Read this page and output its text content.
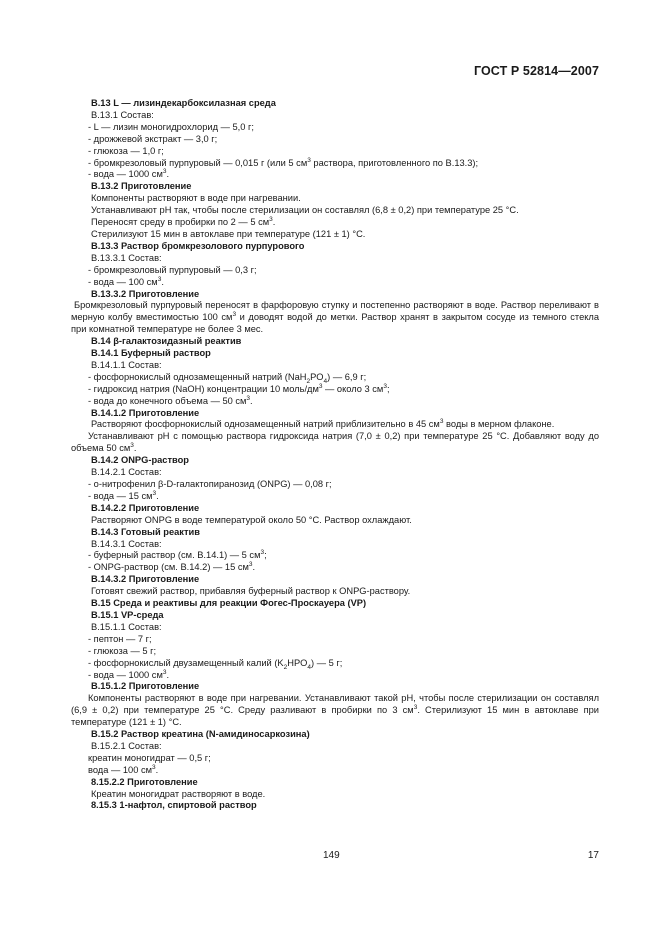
ГОСТ Р 52814—2007

В.13 L — лизиндекарбоксилазная среда

В.13.1 Состав:

- L — лизин моногидрохлорид — 5,0 г;

- дрожжевой экстракт — 3,0 г;

- глюкоза — 1,0 г;

- бромкрезоловый пурпуровый — 0,015 г (или 5 $см^3$ раствора, приготовленного по В.13.3);

- вода — 1000 $см^3$.

В.13.2 Приготовление

Компоненты растворяют в воде при нагревании.

Устанавливают рН так, чтобы после стерилизации он составлял (6,8 ± 0,2) при температуре 25 °С.

Переносят среду в пробирки по 2 — 5 $см^3$.

Стерилизуют 15 мин в автоклаве при температуре (121 ± 1) °С.

В.13.3 Раствор бромкрезолового пурпурового

В.13.3.1 Состав:

- бромкрезоловый пурпуровый — 0,3 г;

- вода — 100 $см^3$.

В.13.3.2 Приготовление

Бромкрезоловый пурпуровый переносят в фарфоровую ступку и постепенно растворяют в воде. Раствор переливают в мерную колбу вместимостью 100 $см^3$ и доводят водой до метки. Раствор хранят в закрытом сосуде из темного стекла при комнатной температуре не более 3 мес.

В.14 β-галактозидазный реактив

В.14.1 Буферный раствор

В.14.1.1 Состав:

- фосфорнокислый однозамещенный натрий $(NaH_2PO_4)$ — 6,9 г;

- гидроксид натрия (NaOH) концентрации 10 моль/$дм^3$ — около 3 $см^3$;

- вода до конечного объема — 50 $см^3$.

В.14.1.2 Приготовление

Растворяют фосфорнокислый однозамещенный натрий приблизительно в 45 $см^3$ воды в мерном флаконе.

Устанавливают рН с помощью раствора гидроксида натрия (7,0 ± 0,2) при температуре 25 °С. Добавляют воду до объема 50 $см^3$.

В.14.2 ONPG-раствор

В.14.2.1 Состав:

- о-нитрофенил β-D-галактопиранозид (ONPG) — 0,08 г;

- вода — 15 $см^3$.

В.14.2.2 Приготовление

Растворяют ONPG в воде температурой около 50 °С. Раствор охлаждают.

В.14.3 Готовый реактив

В.14.3.1 Состав:

- буферный раствор (см. В.14.1) — 5 $см^3$;

- ONPG-раствор (см. В.14.2) — 15 $см^3$.

В.14.3.2 Приготовление

Готовят свежий раствор, прибавляя буферный раствор к ONPG-раствору.

В.15 Среда и реактивы для реакции Фогес-Проскауера (VP)

В.15.1 VP-среда

В.15.1.1 Состав:

- пептон — 7 г;

- глюкоза — 5 г;

- фосфорнокислый двузамещенный калий $(K_2HPO_4)$ — 5 г;

- вода — 1000 $см^3$.

В.15.1.2 Приготовление

Компоненты растворяют в воде при нагревании. Устанавливают такой рН, чтобы после стерилизации он составлял (6,9 ± 0,2) при температуре 25 °С. Среду разливают в пробирки по 3 $см^3$. Стерилизуют 15 мин в автоклаве при температуре (121 ± 1) °С.

В.15.2 Раствор креатина (N-амидиносаркозина)

В.15.2.1 Состав:

креатин моногидрат — 0,5 г;

вода — 100 $см^3$.

8.15.2.2 Приготовление

Креатин моногидрат растворяют в воде.

8.15.3 1-нафтол, спиртовой раствор

149	17
